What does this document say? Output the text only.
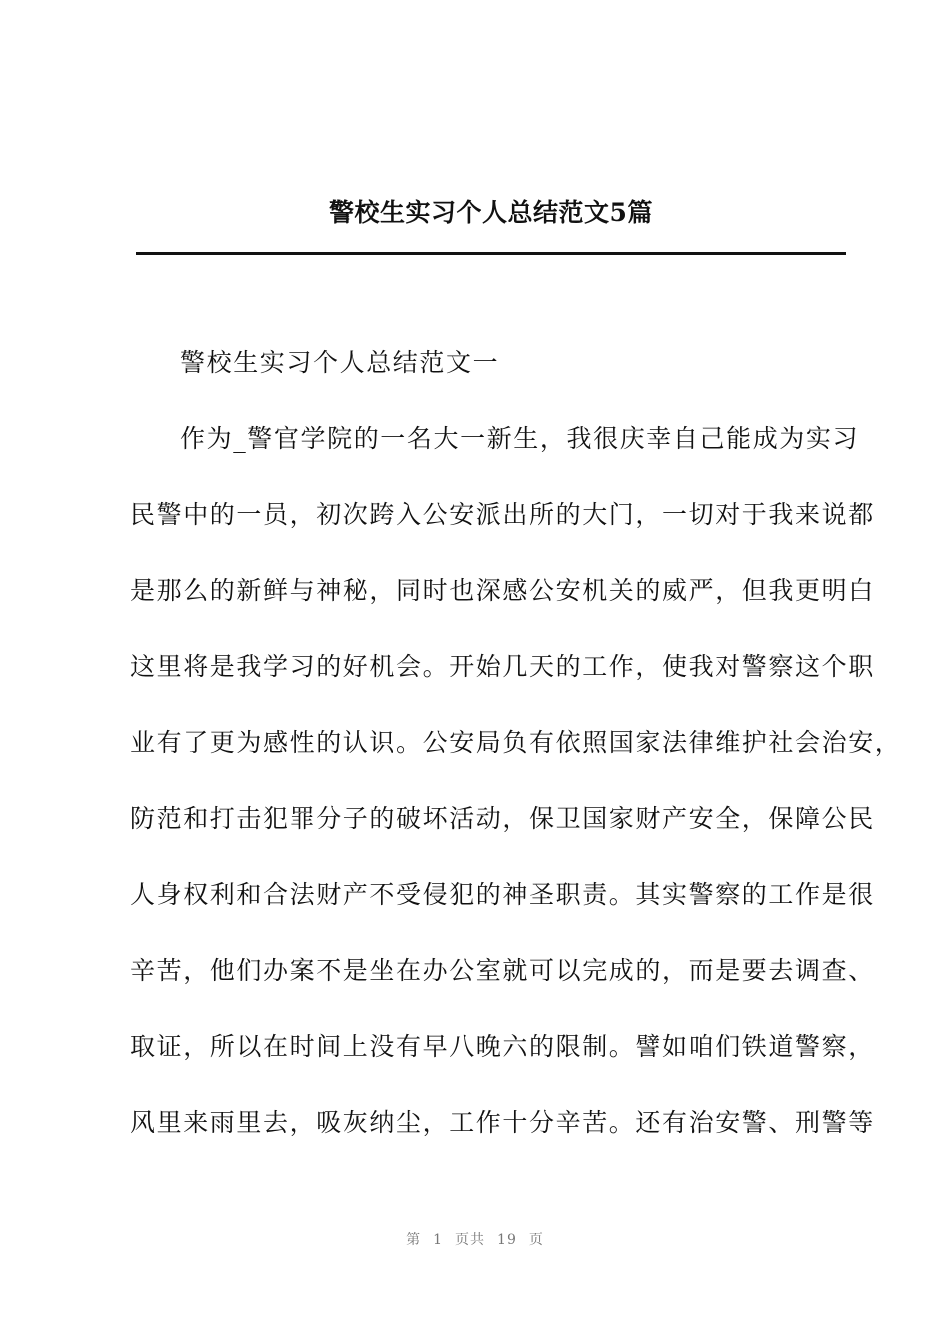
警校生实习个人总结范文5篇

警校生实习个人总结范文一

作为_警官学院的一名大一新生，我很庆幸自己能成为实习
民警中的一员，初次跨入公安派出所的大门，一切对于我来说都
是那么的新鲜与神秘，同时也深感公安机关的威严，但我更明白
这里将是我学习的好机会。开始几天的工作，使我对警察这个职
业有了更为感性的认识。公安局负有依照国家法律维护社会治安，
防范和打击犯罪分子的破坏活动，保卫国家财产安全，保障公民
人身权利和合法财产不受侵犯的神圣职责。其实警察的工作是很
辛苦，他们办案不是坐在办公室就可以完成的，而是要去调查、
取证，所以在时间上没有早八晚六的限制。譬如咱们铁道警察，
风里来雨里去，吸灰纳尘，工作十分辛苦。还有治安警、刑警等
第 1 页共 19 页
